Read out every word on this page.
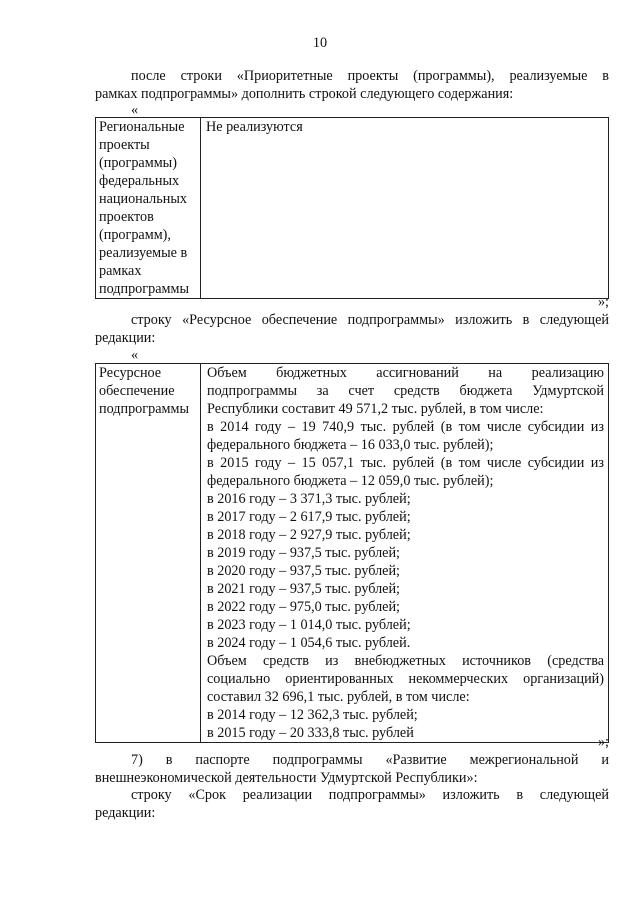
10
после строки «Приоритетные проекты (программы), реализуемые в
рамках подпрограммы» дополнить строкой следующего содержания:
«
Региональные
проекты
(программы)
федеральных
национальных
проектов
(программ),
реализуемые в
рамках
подпрограммы

Не реализуются
»;
строку «Ресурсное обеспечение подпрограммы» изложить в следующей
редакции:
«
Ресурсное
обеспечение
подпрограммы

Объем бюджетных ассигнований на реализацию
подпрограммы за счет средств бюджета Удмуртской
Республики составит 49 571,2 тыс. рублей, в том числе:
в 2014 году – 19 740,9 тыс. рублей (в том числе субсидии из
федерального бюджета – 16 033,0 тыс. рублей);
в 2015 году – 15 057,1 тыс. рублей (в том числе субсидии из
федерального бюджета – 12 059,0 тыс. рублей);
в 2016 году – 3 371,3 тыс. рублей;
в 2017 году – 2 617,9 тыс. рублей;
в 2018 году – 2 927,9 тыс. рублей;
в 2019 году – 937,5 тыс. рублей;
в 2020 году – 937,5 тыс. рублей;
в 2021 году – 937,5 тыс. рублей;
в 2022 году – 975,0 тыс. рублей;
в 2023 году – 1 014,0 тыс. рублей;
в 2024 году – 1 054,6 тыс. рублей.
Объем средств из внебюджетных источников (средства
социально ориентированных некоммерческих организаций)
составил 32 696,1 тыс. рублей, в том числе:
в 2014 году – 12 362,3 тыс. рублей;
в 2015 году – 20 333,8 тыс. рублей
»;
7) в паспорте подпрограммы «Развитие межрегиональной и
внешнеэкономической деятельности Удмуртской Республики»:
строку «Срок реализации подпрограммы» изложить в следующей
редакции:
